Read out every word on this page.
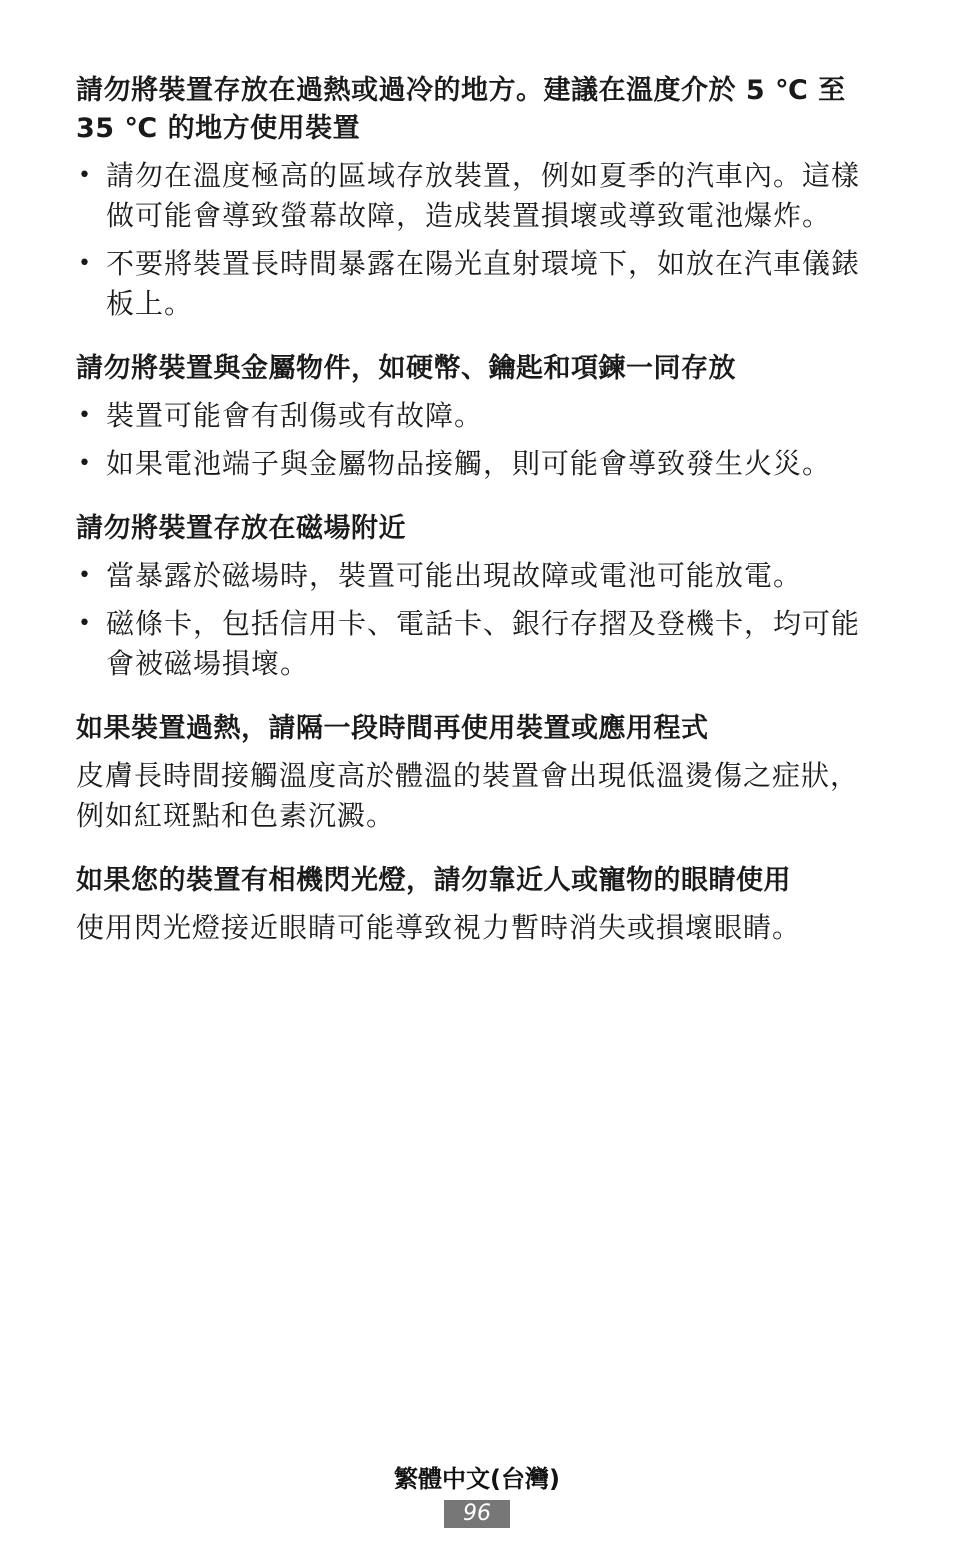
請勿將裝置存放在過熱或過冷的地方。建議在溫度介於 5 ℃ 至 35 ℃ 的地方使用裝置
• 請勿在溫度極高的區域存放裝置，例如夏季的汽車內。這樣做可能會導致螢幕故障，造成裝置損壞或導致電池爆炸。
• 不要將裝置長時間暴露在陽光直射環境下，如放在汽車儀錶板上。
請勿將裝置與金屬物件，如硬幣、鑰匙和項鍊一同存放
• 裝置可能會有刮傷或有故障。
• 如果電池端子與金屬物品接觸，則可能會導致發生火災。
請勿將裝置存放在磁場附近
• 當暴露於磁場時，裝置可能出現故障或電池可能放電。
• 磁條卡，包括信用卡、電話卡、銀行存摺及登機卡，均可能會被磁場損壞。
如果裝置過熱，請隔一段時間再使用裝置或應用程式

皮膚長時間接觸溫度高於體溫的裝置會出現低溫燙傷之症狀，例如紅斑點和色素沉澱。

如果您的裝置有相機閃光燈，請勿靠近人或寵物的眼睛使用

使用閃光燈接近眼睛可能導致視力暫時消失或損壞眼睛。

繁體中文(台灣)
96
